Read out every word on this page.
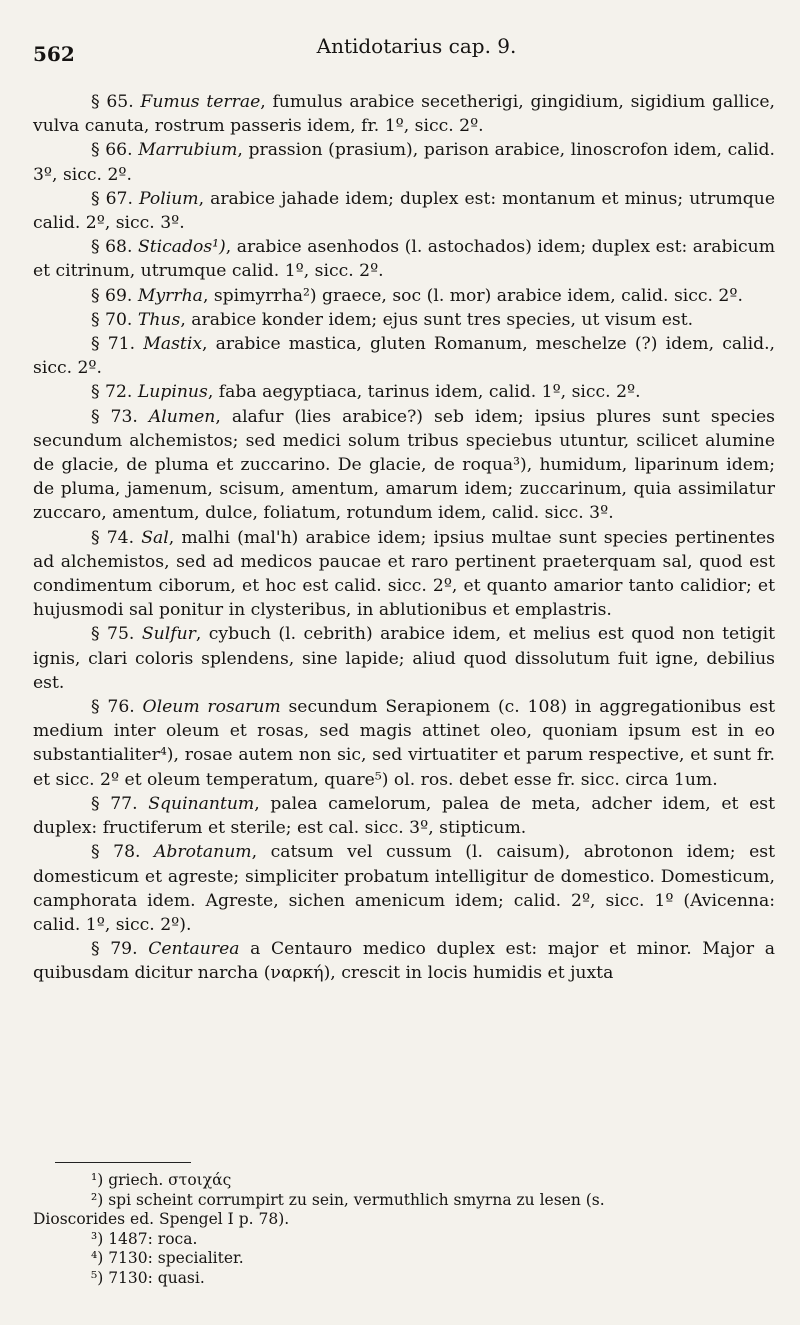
562	Antidotarius cap. 9.

§ 65. Fumus terrae, fumulus arabice secetherigi, gingidium, sigidium gallice, vulva canuta, rostrum passeris idem, fr. 1º, sicc. 2º.

§ 66. Marrubium, prassion (prasium), parison arabice, linoscrofon idem, calid. 3º, sicc. 2º.

§ 67. Polium, arabice jahade idem; duplex est: montanum et minus; utrumque calid. 2º, sicc. 3º.

§ 68. Sticados¹), arabice asenhodos (l. astochados) idem; duplex est: arabicum et citrinum, utrumque calid. 1º, sicc. 2º.

§ 69. Myrrha, spimyrrha²) graece, soc (l. mor) arabice idem, calid. sicc. 2º.

§ 70. Thus, arabice konder idem; ejus sunt tres species, ut visum est.

§ 71. Mastix, arabice mastica, gluten Romanum, meschelze (?) idem, calid., sicc. 2º.

§ 72. Lupinus, faba aegyptiaca, tarinus idem, calid. 1º, sicc. 2º.

§ 73. Alumen, alafur (lies arabice?) seb idem; ipsius plures sunt species secundum alchemistos; sed medici solum tribus speciebus utuntur, scilicet alumine de glacie, de pluma et zuccarino. De glacie, de roqua³), humidum, liparinum idem; de pluma, jamenum, scisum, amentum, amarum idem; zuccarinum, quia assimilatur zuccaro, amentum, dulce, foliatum, rotundum idem, calid. sicc. 3º.

§ 74. Sal, malhi (mal'h) arabice idem; ipsius multae sunt species pertinentes ad alchemistos, sed ad medicos paucae et raro pertinent praeterquam sal, quod est condimentum ciborum, et hoc est calid. sicc. 2º, et quanto amarior tanto calidior; et hujusmodi sal ponitur in clysteribus, in ablutionibus et emplastris.

§ 75. Sulfur, cybuch (l. cebrith) arabice idem, et melius est quod non tetigit ignis, clari coloris splendens, sine lapide; aliud quod dissolutum fuit igne, debilius est.

§ 76. Oleum rosarum secundum Serapionem (c. 108) in aggregationibus est medium inter oleum et rosas, sed magis attinet oleo, quoniam ipsum est in eo substantialiter⁴), rosae autem non sic, sed virtuatiter et parum respective, et sunt fr. et sicc. 2º et oleum temperatum, quare⁵) ol. ros. debet esse fr. sicc. circa 1um.

§ 77. Squinantum, palea camelorum, palea de meta, adcher idem, et est duplex: fructiferum et sterile; est cal. sicc. 3º, stipticum.

§ 78. Abrotanum, catsum vel cussum (l. caisum), abrotonon idem; est domesticum et agreste; simpliciter probatum intelligitur de domestico. Domesticum, camphorata idem. Agreste, sichen amenicum idem; calid. 2º, sicc. 1º (Avicenna: calid. 1º, sicc. 2º).

§ 79. Centaurea a Centauro medico duplex est: major et minor. Major a quibusdam dicitur narcha (ναρκή), crescit in locis humidis et juxta

¹) griech. στοιχάς

²) spi scheint corrumpirt zu sein, vermuthlich smyrna zu lesen (s.

Dioscorides ed. Spengel I p. 78).

³) 1487: roca.

⁴) 7130: specialiter.

⁵) 7130: quasi.
